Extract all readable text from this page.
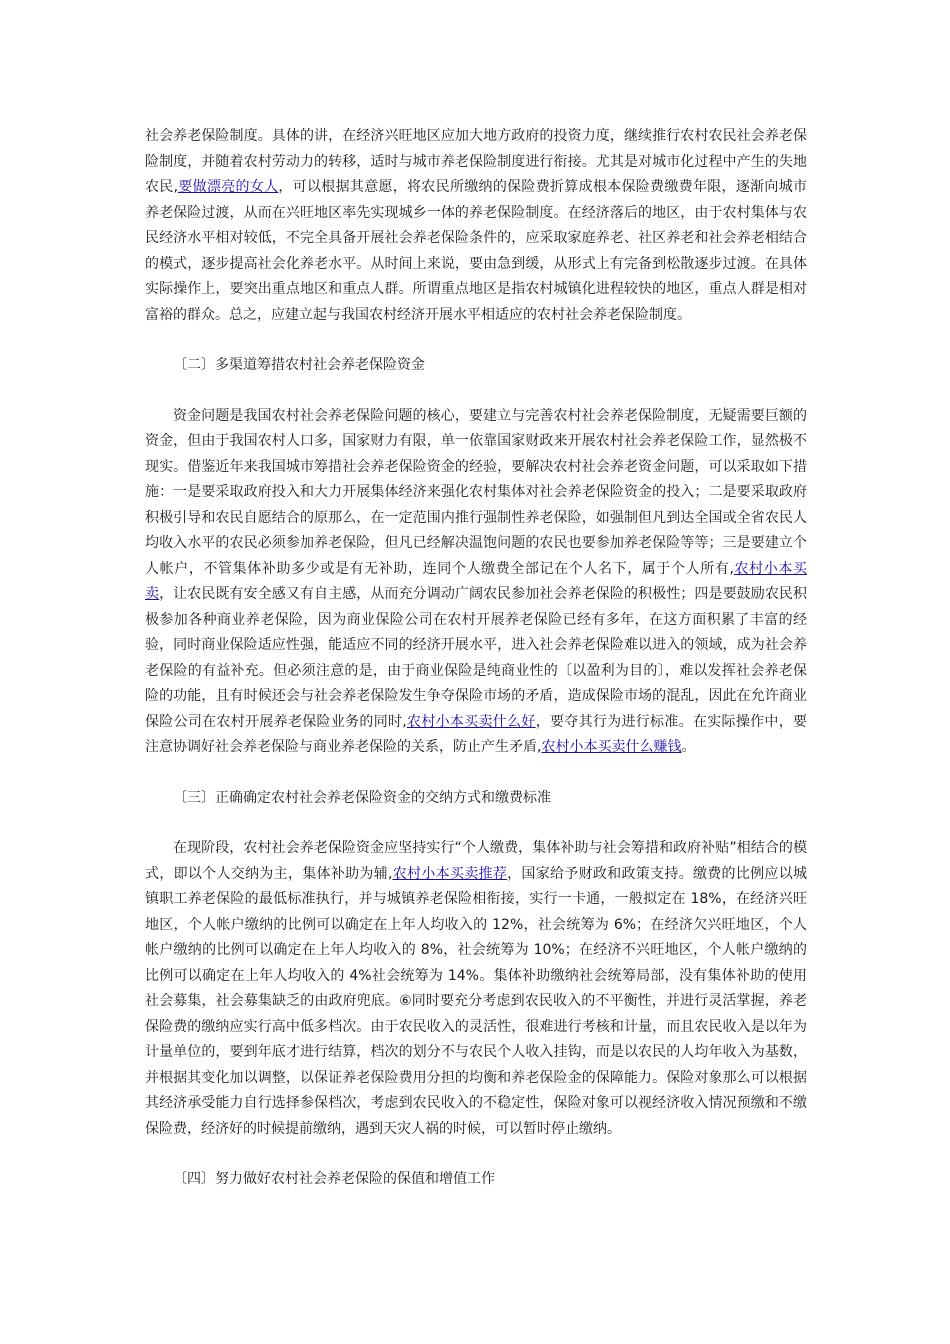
社会养老保险制度。具体的讲，在经济兴旺地区应加大地方政府的投资力度，继续推行农村农民社会养老保险制度，并随着农村劳动力的转移，适时与城市养老保险制度进行衔接。尤其是对城市化过程中产生的失地农民,要做漂亮的女人，可以根据其意愿，将农民所缴纳的保险费折算成根本保险费缴费年限，逐渐向城市养老保险过渡，从而在兴旺地区率先实现城乡一体的养老保险制度。在经济落后的地区，由于农村集体与农民经济水平相对较低，不完全具备开展社会养老保险条件的，应采取家庭养老、社区养老和社会养老相结合的模式，逐步提高社会化养老水平。从时间上来说，要由急到缓，从形式上有完备到松散逐步过渡。在具体实际操作上，要突出重点地区和重点人群。所谓重点地区是指农村城镇化进程较快的地区，重点人群是相对富裕的群众。总之，应建立起与我国农村经济开展水平相适应的农村社会养老保险制度。

〔二〕多渠道筹措农村社会养老保险资金

资金问题是我国农村社会养老保险问题的核心，要建立与完善农村社会养老保险制度，无疑需要巨额的资金，但由于我国农村人口多，国家财力有限，单一依靠国家财政来开展农村社会养老保险工作，显然极不现实。借鉴近年来我国城市筹措社会养老保险资金的经验，要解决农村社会养老资金问题，可以采取如下措施：一是要采取政府投入和大力开展集体经济来强化农村集体对社会养老保险资金的投入；二是要采取政府积极引导和农民自愿结合的原那么，在一定范围内推行强制性养老保险，如强制但凡到达全国或全省农民人均收入水平的农民必须参加养老保险，但凡已经解决温饱问题的农民也要参加养老保险等等；三是要建立个人帐户，不管集体补助多少或是有无补助，连同个人缴费全部记在个人名下，属于个人所有,农村小本买卖，让农民既有安全感又有自主感，从而充分调动广阔农民参加社会养老保险的积极性；四是要鼓励农民积极参加各种商业养老保险，因为商业保险公司在农村开展养老保险已经有多年，在这方面积累了丰富的经验，同时商业保险适应性强，能适应不同的经济开展水平，进入社会养老保险难以进入的领域，成为社会养老保险的有益补充。但必须注意的是，由于商业保险是纯商业性的〔以盈利为目的〕，难以发挥社会养老保险的功能，且有时候还会与社会养老保险发生争夺保险市场的矛盾，造成保险市场的混乱，因此在允许商业保险公司在农村开展养老保险业务的同时,农村小本买卖什么好，要夺其行为进行标准。在实际操作中，要注意协调好社会养老保险与商业养老保险的关系，防止产生矛盾,农村小本买卖什么赚钱。

〔三〕正确确定农村社会养老保险资金的交纳方式和缴费标准

在现阶段，农村社会养老保险资金应坚持实行“个人缴费，集体补助与社会筹措和政府补贴”相结合的模式，即以个人交纳为主，集体补助为辅,农村小本买卖推荐，国家给予财政和政策支持。缴费的比例应以城镇职工养老保险的最低标准执行，并与城镇养老保险相衔接，实行一卡通，一般拟定在 18%，在经济兴旺地区，个人帐户缴纳的比例可以确定在上年人均收入的 12%，社会统筹为 6%；在经济欠兴旺地区，个人帐户缴纳的比例可以确定在上年人均收入的 8%，社会统筹为 10%；在经济不兴旺地区，个人帐户缴纳的比例可以确定在上年人均收入的 4%社会统筹为 14%。集体补助缴纳社会统筹局部，没有集体补助的使用社会募集，社会募集缺乏的由政府兜底。⑥同时要充分考虑到农民收入的不平衡性，并进行灵活掌握，养老保险费的缴纳应实行高中低多档次。由于农民收入的灵活性，很难进行考核和计量，而且农民收入是以年为计量单位的，要到年底才进行结算，档次的划分不与农民个人收入挂钩，而是以农民的人均年收入为基数，并根据其变化加以调整，以保证养老保险费用分担的均衡和养老保险金的保障能力。保险对象那么可以根据其经济承受能力自行选择参保档次，考虑到农民收入的不稳定性，保险对象可以视经济收入情况预缴和不缴保险费，经济好的时候提前缴纳，遇到天灾人祸的时候，可以暂时停止缴纳。

〔四〕努力做好农村社会养老保险的保值和增值工作
